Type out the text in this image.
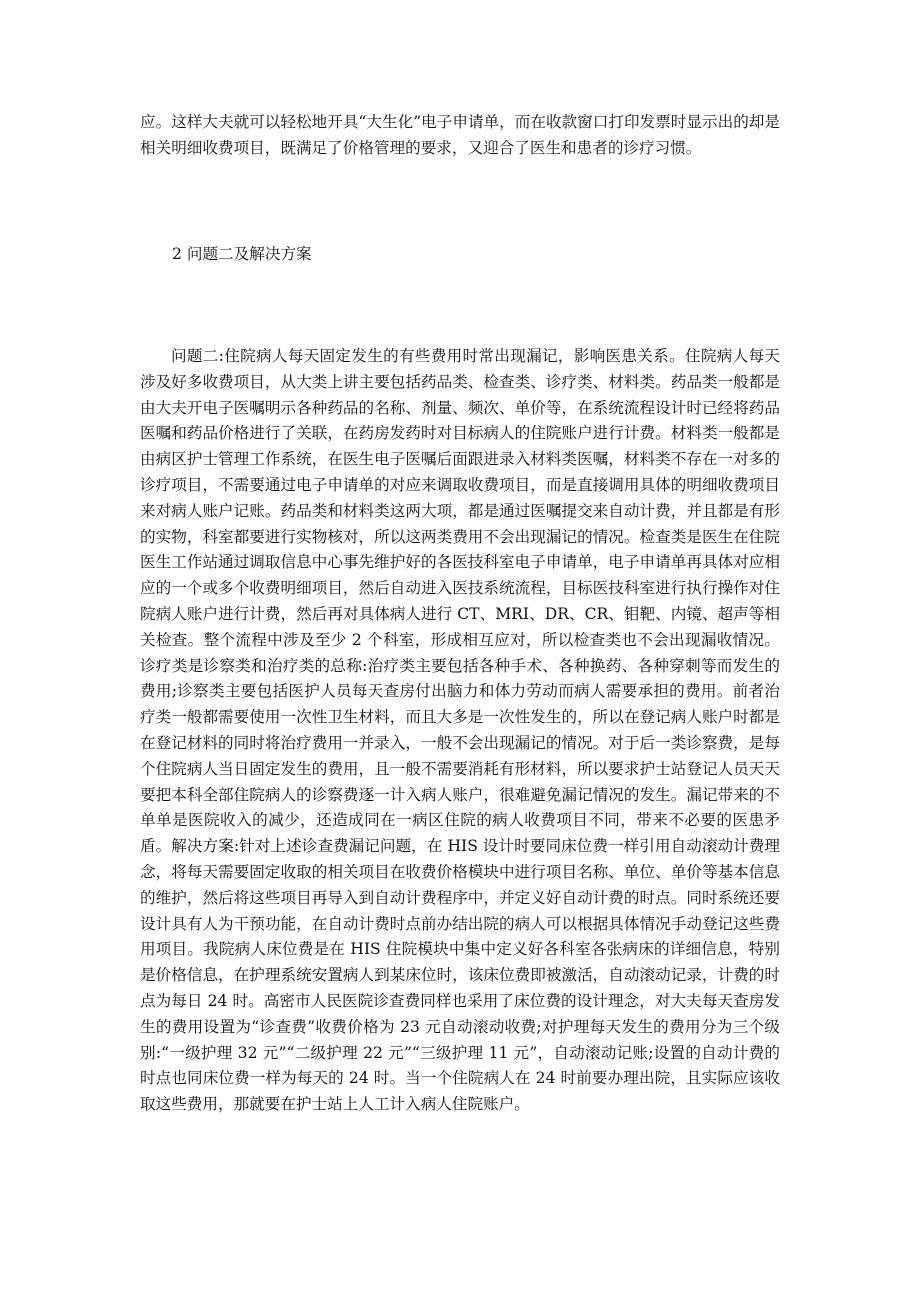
应。这样大夫就可以轻松地开具“大生化”电子申请单，而在收款窗口打印发票时显示出的却是相关明细收费项目，既满足了价格管理的要求，又迎合了医生和患者的诊疗习惯。

2 问题二及解决方案

问题二:住院病人每天固定发生的有些费用时常出现漏记，影响医患关系。住院病人每天涉及好多收费项目，从大类上讲主要包括药品类、检查类、诊疗类、材料类。药品类一般都是由大夫开电子医嘱明示各种药品的名称、剂量、频次、单价等，在系统流程设计时已经将药品医嘱和药品价格进行了关联，在药房发药时对目标病人的住院账户进行计费。材料类一般都是由病区护士管理工作系统，在医生电子医嘱后面跟进录入材料类医嘱，材料类不存在一对多的诊疗项目，不需要通过电子申请单的对应来调取收费项目，而是直接调用具体的明细收费项目来对病人账户记账。药品类和材料类这两大项，都是通过医嘱提交来自动计费，并且都是有形的实物，科室都要进行实物核对，所以这两类费用不会出现漏记的情况。检查类是医生在住院医生工作站通过调取信息中心事先维护好的各医技科室电子申请单，电子申请单再具体对应相应的一个或多个收费明细项目，然后自动进入医技系统流程，目标医技科室进行执行操作对住院病人账户进行计费，然后再对具体病人进行 CT、MRI、DR、CR、钼靶、内镜、超声等相关检查。整个流程中涉及至少 2 个科室，形成相互应对，所以检查类也不会出现漏收情况。诊疗类是诊察类和治疗类的总称:治疗类主要包括各种手术、各种换药、各种穿刺等而发生的费用;诊察类主要包括医护人员每天查房付出脑力和体力劳动而病人需要承担的费用。前者治疗类一般都需要使用一次性卫生材料，而且大多是一次性发生的，所以在登记病人账户时都是在登记材料的同时将治疗费用一并录入，一般不会出现漏记的情况。对于后一类诊察费，是每个住院病人当日固定发生的费用，且一般不需要消耗有形材料，所以要求护士站登记人员天天要把本科全部住院病人的诊察费逐一计入病人账户，很难避免漏记情况的发生。漏记带来的不单单是医院收入的减少，还造成同在一病区住院的病人收费项目不同，带来不必要的医患矛盾。解决方案:针对上述诊查费漏记问题，在 HIS 设计时要同床位费一样引用自动滚动计费理念，将每天需要固定收取的相关项目在收费价格模块中进行项目名称、单位、单价等基本信息的维护，然后将这些项目再导入到自动计费程序中，并定义好自动计费的时点。同时系统还要设计具有人为干预功能，在自动计费时点前办结出院的病人可以根据具体情况手动登记这些费用项目。我院病人床位费是在 HIS 住院模块中集中定义好各科室各张病床的详细信息，特别是价格信息，在护理系统安置病人到某床位时，该床位费即被激活，自动滚动记录，计费的时点为每日 24 时。高密市人民医院诊查费同样也采用了床位费的设计理念，对大夫每天查房发生的费用设置为“诊查费”收费价格为 23 元自动滚动收费;对护理每天发生的费用分为三个级别:“一级护理 32 元”“二级护理 22 元”“三级护理 11 元”，自动滚动记账;设置的自动计费的时点也同床位费一样为每天的 24 时。当一个住院病人在 24 时前要办理出院，且实际应该收取这些费用，那就要在护士站上人工计入病人住院账户。
